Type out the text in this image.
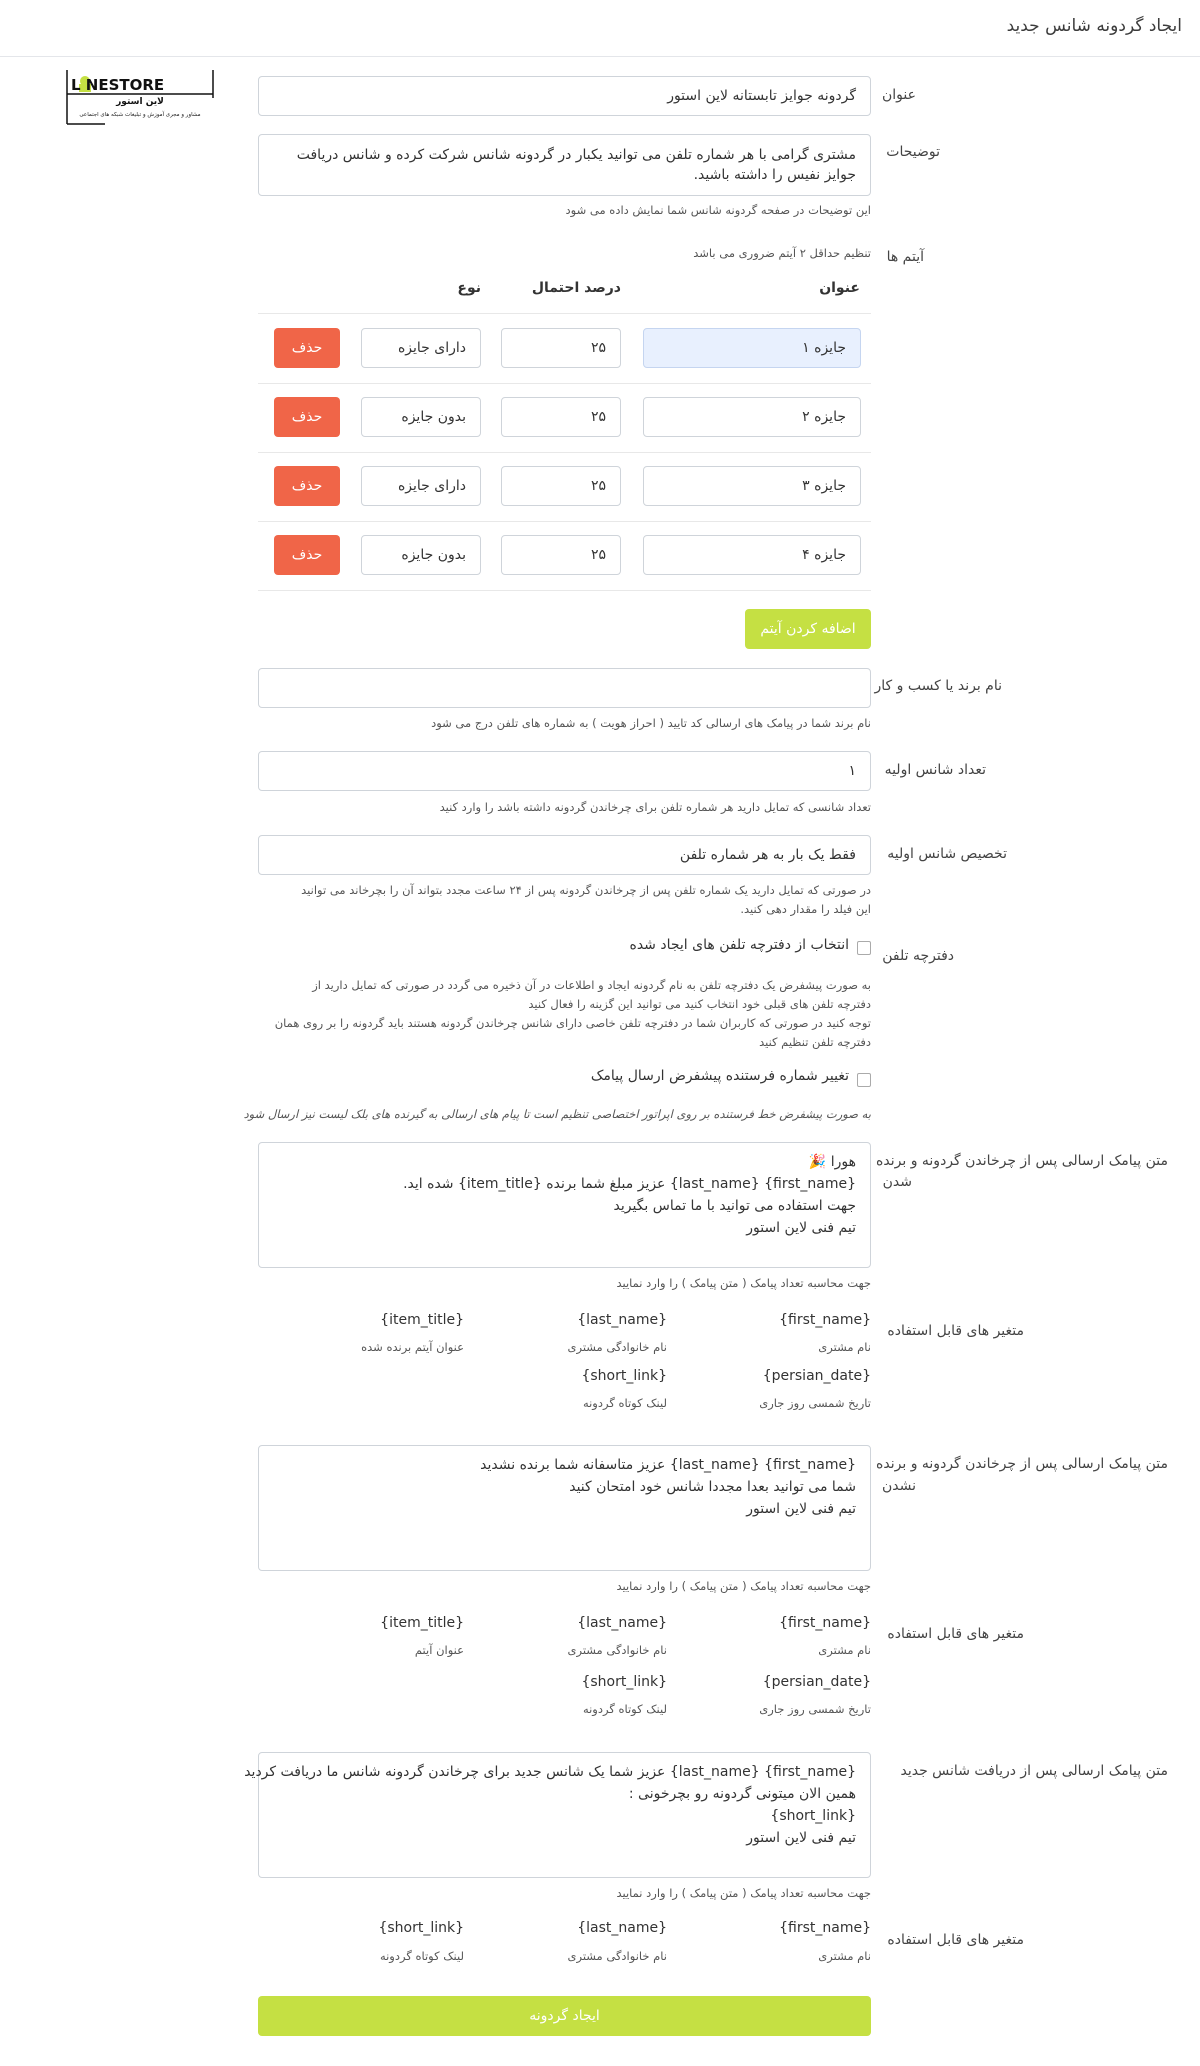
ایجاد گردونه شانس جدید
L NESTORE
لاین استور
مشاور و مجری آموزش و تبلیغات شبکه های اجتماعی
عنوان
گردونه جوایز تابستانه لاین استور
توضیحات
مشتری گرامی با هر شماره تلفن می توانید یکبار در گردونه شانس شرکت کرده و شانس دریافت جوایز نفیس را داشته باشید.
این توضیحات در صفحه گردونه شانس شما نمایش داده می شود
آیتم ها
تنظیم حداقل ۲ آیتم ضروری می باشد
عنوان
درصد احتمال
نوع
جایزه ۱
۲۵
دارای جایزه
حذف
جایزه ۲
۲۵
بدون جایزه
حذف
جایزه ۳
۲۵
دارای جایزه
حذف
جایزه ۴
۲۵
بدون جایزه
حذف
اضافه کردن آیتم
نام برند یا کسب و کار
نام برند شما در پیامک های ارسالی کد تایید ( احراز هویت ) به شماره های تلفن درج می شود
تعداد شانس اولیه
۱
تعداد شانسی که تمایل دارید هر شماره تلفن برای چرخاندن گردونه داشته باشد را وارد کنید
تخصیص شانس اولیه
فقط یک بار به هر شماره تلفن
در صورتی که تمایل دارید یک شماره تلفن پس از چرخاندن گردونه پس از ۲۴ ساعت مجدد بتواند آن را بچرخاند می توانید
این فیلد را مقدار دهی کنید.
دفترچه تلفن
انتخاب از دفترچه تلفن های ایجاد شده
به صورت پیشفرض یک دفترچه تلفن به نام گردونه ایجاد و اطلاعات در آن ذخیره می گردد در صورتی که تمایل دارید از
دفترچه تلفن های قبلی خود انتخاب کنید می توانید این گزینه را فعال کنید
توجه کنید در صورتی که کاربران شما در دفترچه تلفن خاصی دارای شانس چرخاندن گردونه هستند باید گردونه را بر روی همان
دفترچه تلفن تنظیم کنید
تغییر شماره فرستنده پیشفرض ارسال پیامک
به صورت پیشفرض خط فرستنده بر روی اپراتور اختصاصی تنظیم است تا پیام های ارسالی به گیرنده های بلک لیست نیز ارسال شود
متن پیامک ارسالی پس از چرخاندن گردونه و برنده
شدن
هورا 🎉
{first_name} {last_name} عزیز مبلغ شما برنده {item_title} شده اید.
جهت استفاده می توانید با ما تماس بگیرید
تیم فنی لاین استور
جهت محاسبه تعداد پیامک ( متن پیامک ) را وارد نمایید
متغیر های قابل استفاده
{first_name}
نام مشتری
{last_name}
نام خانوادگی مشتری
{item_title}
عنوان آیتم برنده شده
{persian_date}
تاریخ شمسی روز جاری
{short_link}
لینک کوتاه گردونه
متن پیامک ارسالی پس از چرخاندن گردونه و برنده
نشدن
{first_name} {last_name} عزیز متاسفانه شما برنده نشدید
شما می توانید بعدا مجددا شانس خود امتحان کنید
تیم فنی لاین استور
جهت محاسبه تعداد پیامک ( متن پیامک ) را وارد نمایید
متغیر های قابل استفاده
{first_name}
نام مشتری
{last_name}
نام خانوادگی مشتری
{item_title}
عنوان آیتم
{persian_date}
تاریخ شمسی روز جاری
{short_link}
لینک کوتاه گردونه
متن پیامک ارسالی پس از دریافت شانس جدید
{first_name} {last_name} عزیز شما یک شانس جدید برای چرخاندن گردونه شانس ما دریافت کردید
همین الان میتونی گردونه رو بچرخونی :
{short_link}
تیم فنی لاین استور
جهت محاسبه تعداد پیامک ( متن پیامک ) را وارد نمایید
متغیر های قابل استفاده
{first_name}
نام مشتری
{last_name}
نام خانوادگی مشتری
{short_link}
لینک کوتاه گردونه
ایجاد گردونه
